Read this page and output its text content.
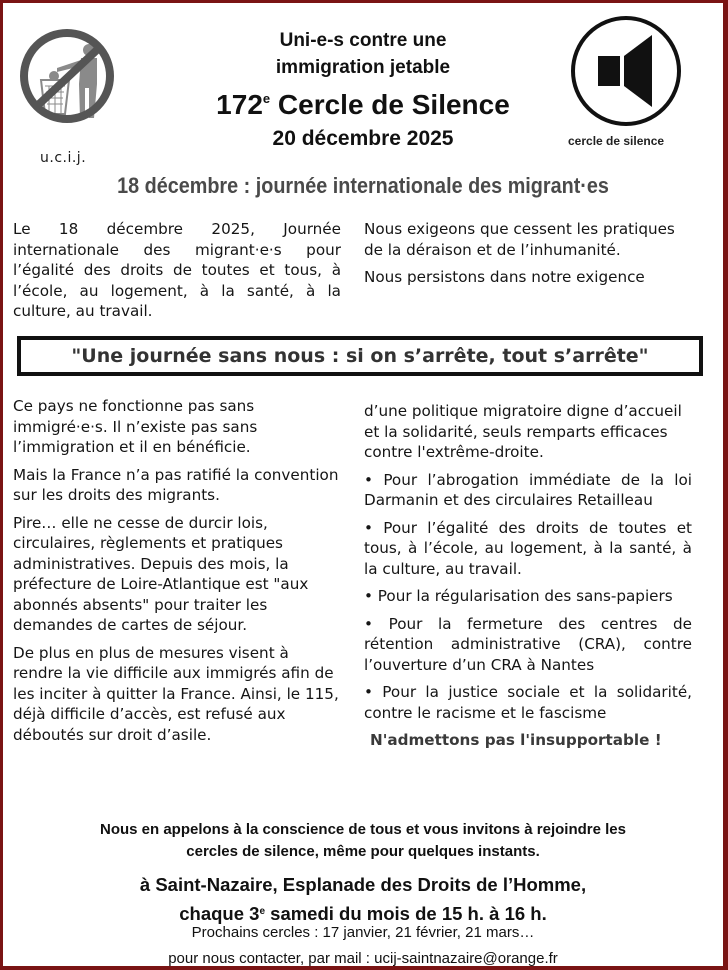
u.c.i.j.
cercle de silence
Uni-e-s contre une
immigration jetable
172e Cercle de Silence
20 décembre 2025
18 décembre : journée internationale des migrant·es

Le 18 décembre 2025, Journée internationale des migrant·e·s pour l’égalité des droits de toutes et tous, à l’école, au logement, à la santé, à la culture, au travail.

Nous exigeons que cessent les pratiques de la déraison et de l’inhumanité.

Nous persistons dans notre exigence

"Une journée sans nous : si on s’arrête, tout s’arrête"

Ce pays ne fonctionne pas sans immigré·e·s. Il n’existe pas sans l’immigration et il en bénéficie.

Mais la France n’a pas ratifié la convention sur les droits des migrants.

Pire… elle ne cesse de durcir lois, circulaires, règlements et pratiques administratives. Depuis des mois, la préfecture de Loire-Atlantique est "aux abonnés absents" pour traiter les demandes de cartes de séjour.

De plus en plus de mesures visent à rendre la vie difficile aux immigrés afin de les inciter à quitter la France. Ainsi, le 115, déjà difficile d’accès, est refusé aux déboutés sur droit d’asile.

d’une politique migratoire digne d’accueil et la solidarité, seuls remparts efficaces contre l'extrême-droite.

• Pour l’abrogation immédiate de la loi Darmanin et des circulaires Retailleau

• Pour l’égalité des droits de toutes et tous, à l’école, au logement, à la santé, à la culture, au travail.

• Pour la régularisation des sans-papiers

• Pour la fermeture des centres de rétention administrative (CRA), contre l’ouverture d’un CRA à Nantes

• Pour la justice sociale et la solidarité, contre le racisme et le fascisme

N'admettons pas l'insupportable !

Nous en appelons à la conscience de tous et vous invitons à rejoindre les
cercles de silence, même pour quelques instants.
à Saint-Nazaire, Esplanade des Droits de l’Homme,
chaque 3e samedi du mois de 15 h. à 16 h.
Prochains cercles : 17 janvier, 21 février, 21 mars…
pour nous contacter, par mail : ucij-saintnazaire@orange.fr
